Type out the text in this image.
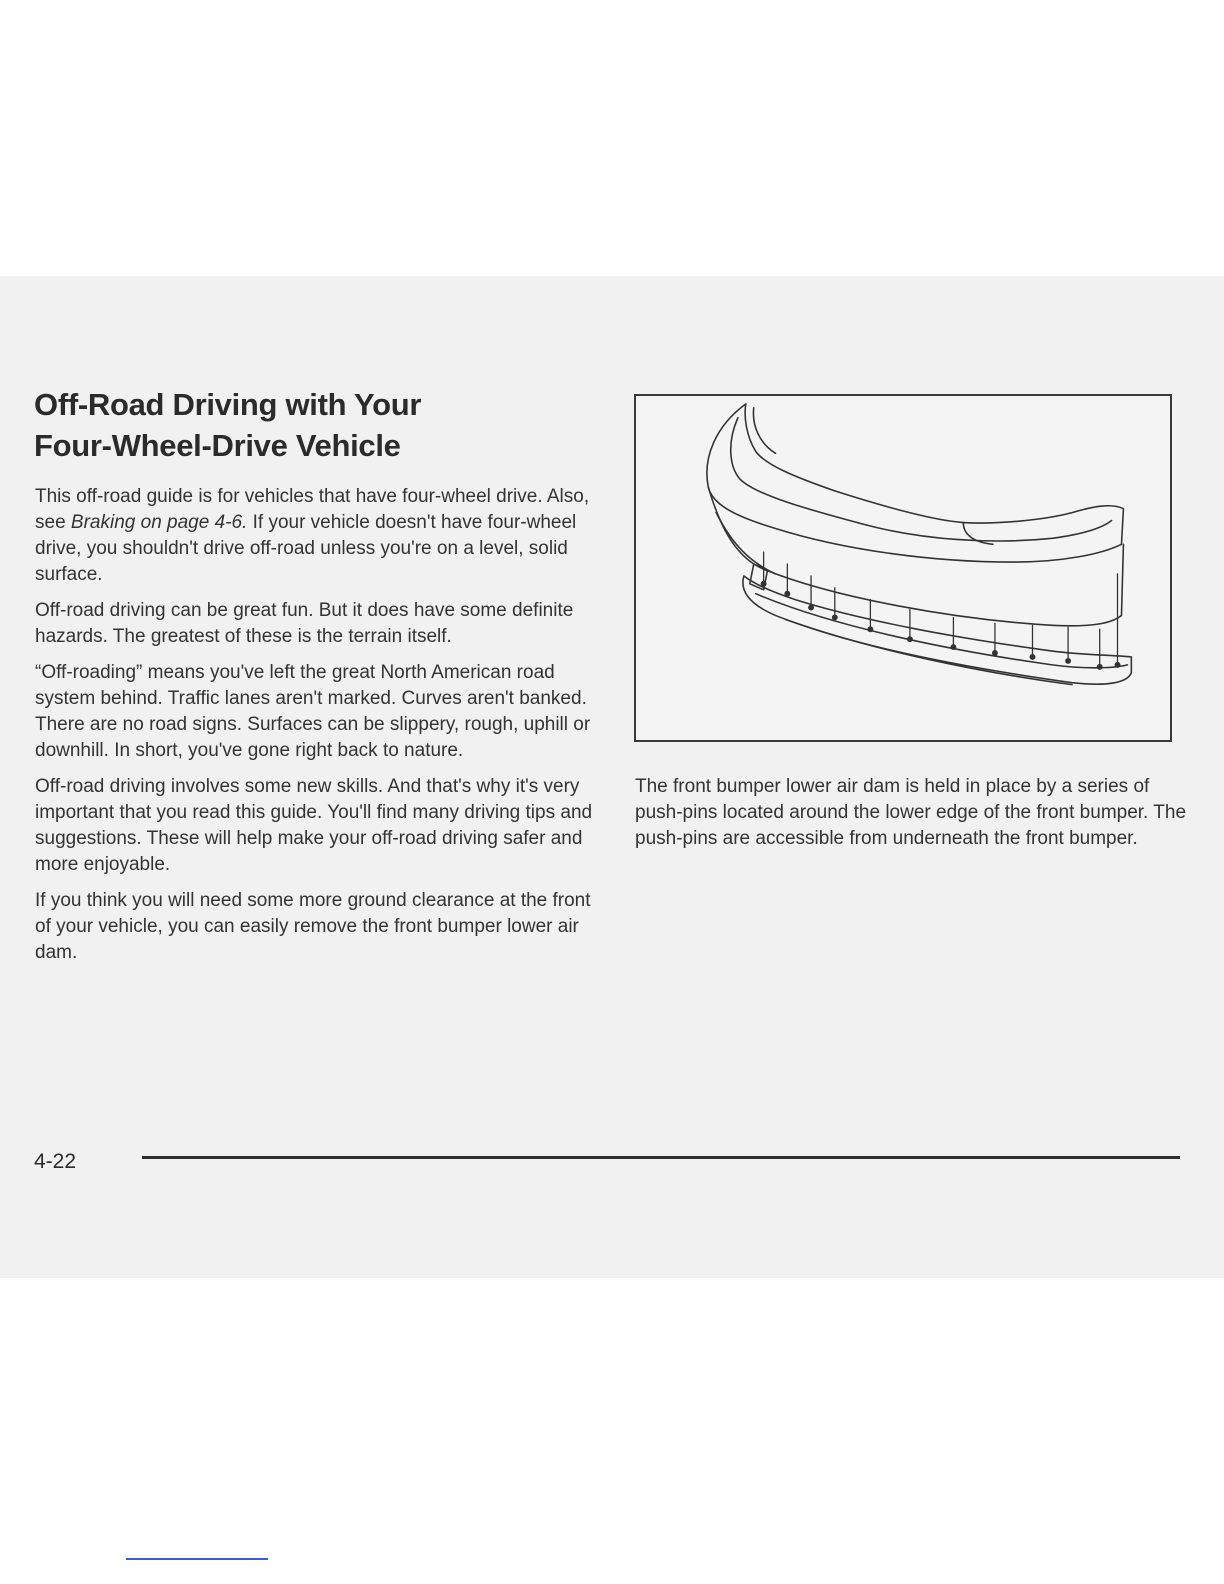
Off-Road Driving with Your
Four-Wheel-Drive Vehicle

This off-road guide is for vehicles that have four-wheel drive. Also, see Braking on page 4-6. If your vehicle doesn't have four-wheel drive, you shouldn't drive off-road unless you're on a level, solid surface.

Off-road driving can be great fun. But it does have some definite hazards. The greatest of these is the terrain itself.

“Off-roading” means you've left the great North American road system behind. Traffic lanes aren't marked. Curves aren't banked. There are no road signs. Surfaces can be slippery, rough, uphill or downhill. In short, you've gone right back to nature.

Off-road driving involves some new skills. And that's why it's very important that you read this guide. You'll find many driving tips and suggestions. These will help make your off-road driving safer and more enjoyable.

If you think you will need some more ground clearance at the front of your vehicle, you can easily remove the front bumper lower air dam.

The front bumper lower air dam is held in place by a series of push-pins located around the lower edge of the front bumper. The push-pins are accessible from underneath the front bumper.

4-22
